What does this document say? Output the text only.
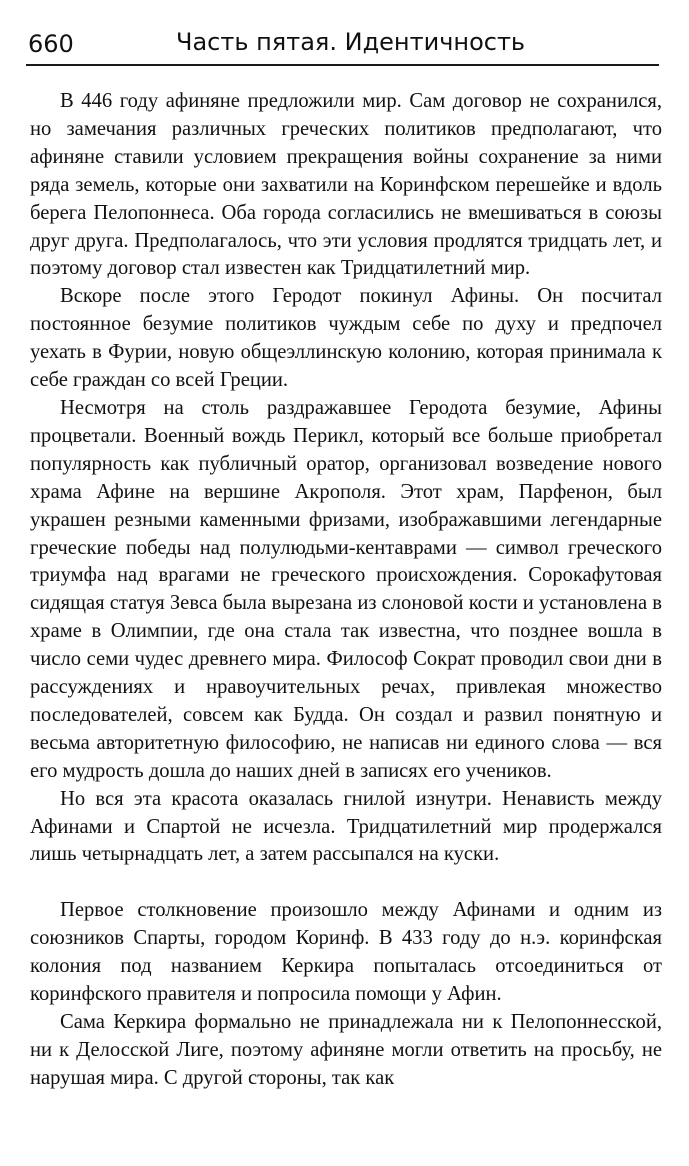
660	Часть пятая. Идентичность

В 446 году афиняне предложили мир. Сам договор не сохранился, но замечания различных греческих политиков предполагают, что афиняне ставили условием прекращения войны сохранение за ними ряда земель, которые они захватили на Коринфском перешейке и вдоль берега Пелопоннеса. Оба города согласились не вмешиваться в союзы друг друга. Предполагалось, что эти условия продлятся тридцать лет, и поэтому договор стал известен как Тридцатилетний мир.

Вскоре после этого Геродот покинул Афины. Он посчитал постоянное безумие политиков чуждым себе по духу и предпочел уехать в Фурии, новую общеэллинскую колонию, которая принимала к себе граждан со всей Греции.

Несмотря на столь раздражавшее Геродота безумие, Афины процветали. Военный вождь Перикл, который все больше приобретал популярность как публичный оратор, организовал возведение нового храма Афине на вершине Акрополя. Этот храм, Парфенон, был украшен резными каменными фризами, изображавшими легендарные греческие победы над полулюдьми-кентаврами — символ греческого триумфа над врагами не греческого происхождения. Сорокафутовая сидящая статуя Зевса была вырезана из слоновой кости и установлена в храме в Олимпии, где она стала так известна, что позднее вошла в число семи чудес древнего мира. Философ Сократ проводил свои дни в рассуждениях и нравоучительных речах, привлекая множество последователей, совсем как Будда. Он создал и развил понятную и весьма авторитетную философию, не написав ни единого слова — вся его мудрость дошла до наших дней в записях его учеников.

Но вся эта красота оказалась гнилой изнутри. Ненависть между Афинами и Спартой не исчезла. Тридцатилетний мир продержался лишь четырнадцать лет, а затем рассыпался на куски.

Первое столкновение произошло между Афинами и одним из союзников Спарты, городом Коринф. В 433 году до н.э. коринфская колония под названием Керкира попыталась отсоединиться от коринфского правителя и попросила помощи у Афин.

Сама Керкира формально не принадлежала ни к Пелопоннесской, ни к Делосской Лиге, поэтому афиняне могли ответить на просьбу, не нарушая мира. С другой стороны, так как
